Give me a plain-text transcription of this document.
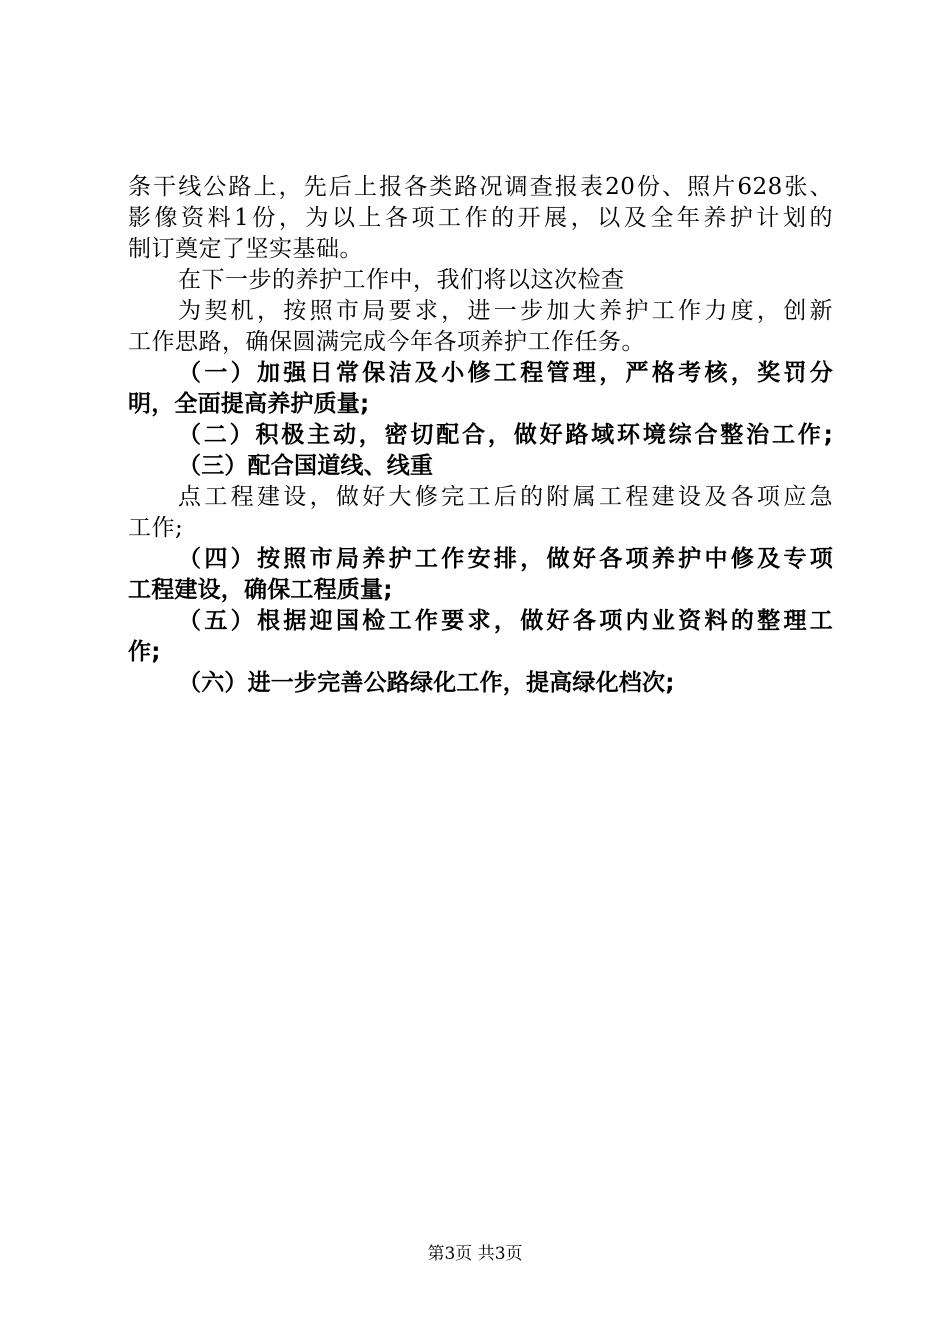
条干线公路上，先后上报各类路况调查报表20份、照片628张、
影像资料1份，为以上各项工作的开展，以及全年养护计划的
制订奠定了坚实基础。
在下一步的养护工作中，我们将以这次检查
为契机，按照市局要求，进一步加大养护工作力度，创新
工作思路，确保圆满完成今年各项养护工作任务。
（一）加强日常保洁及小修工程管理，严格考核，奖罚分
明，全面提高养护质量;
（二）积极主动，密切配合，做好路域环境综合整治工作;
（三）配合国道线、线重
点工程建设，做好大修完工后的附属工程建设及各项应急
工作;
（四）按照市局养护工作安排，做好各项养护中修及专项
工程建设，确保工程质量;
（五）根据迎国检工作要求，做好各项内业资料的整理工
作;
（六）进一步完善公路绿化工作，提高绿化档次;
第3页 共3页
